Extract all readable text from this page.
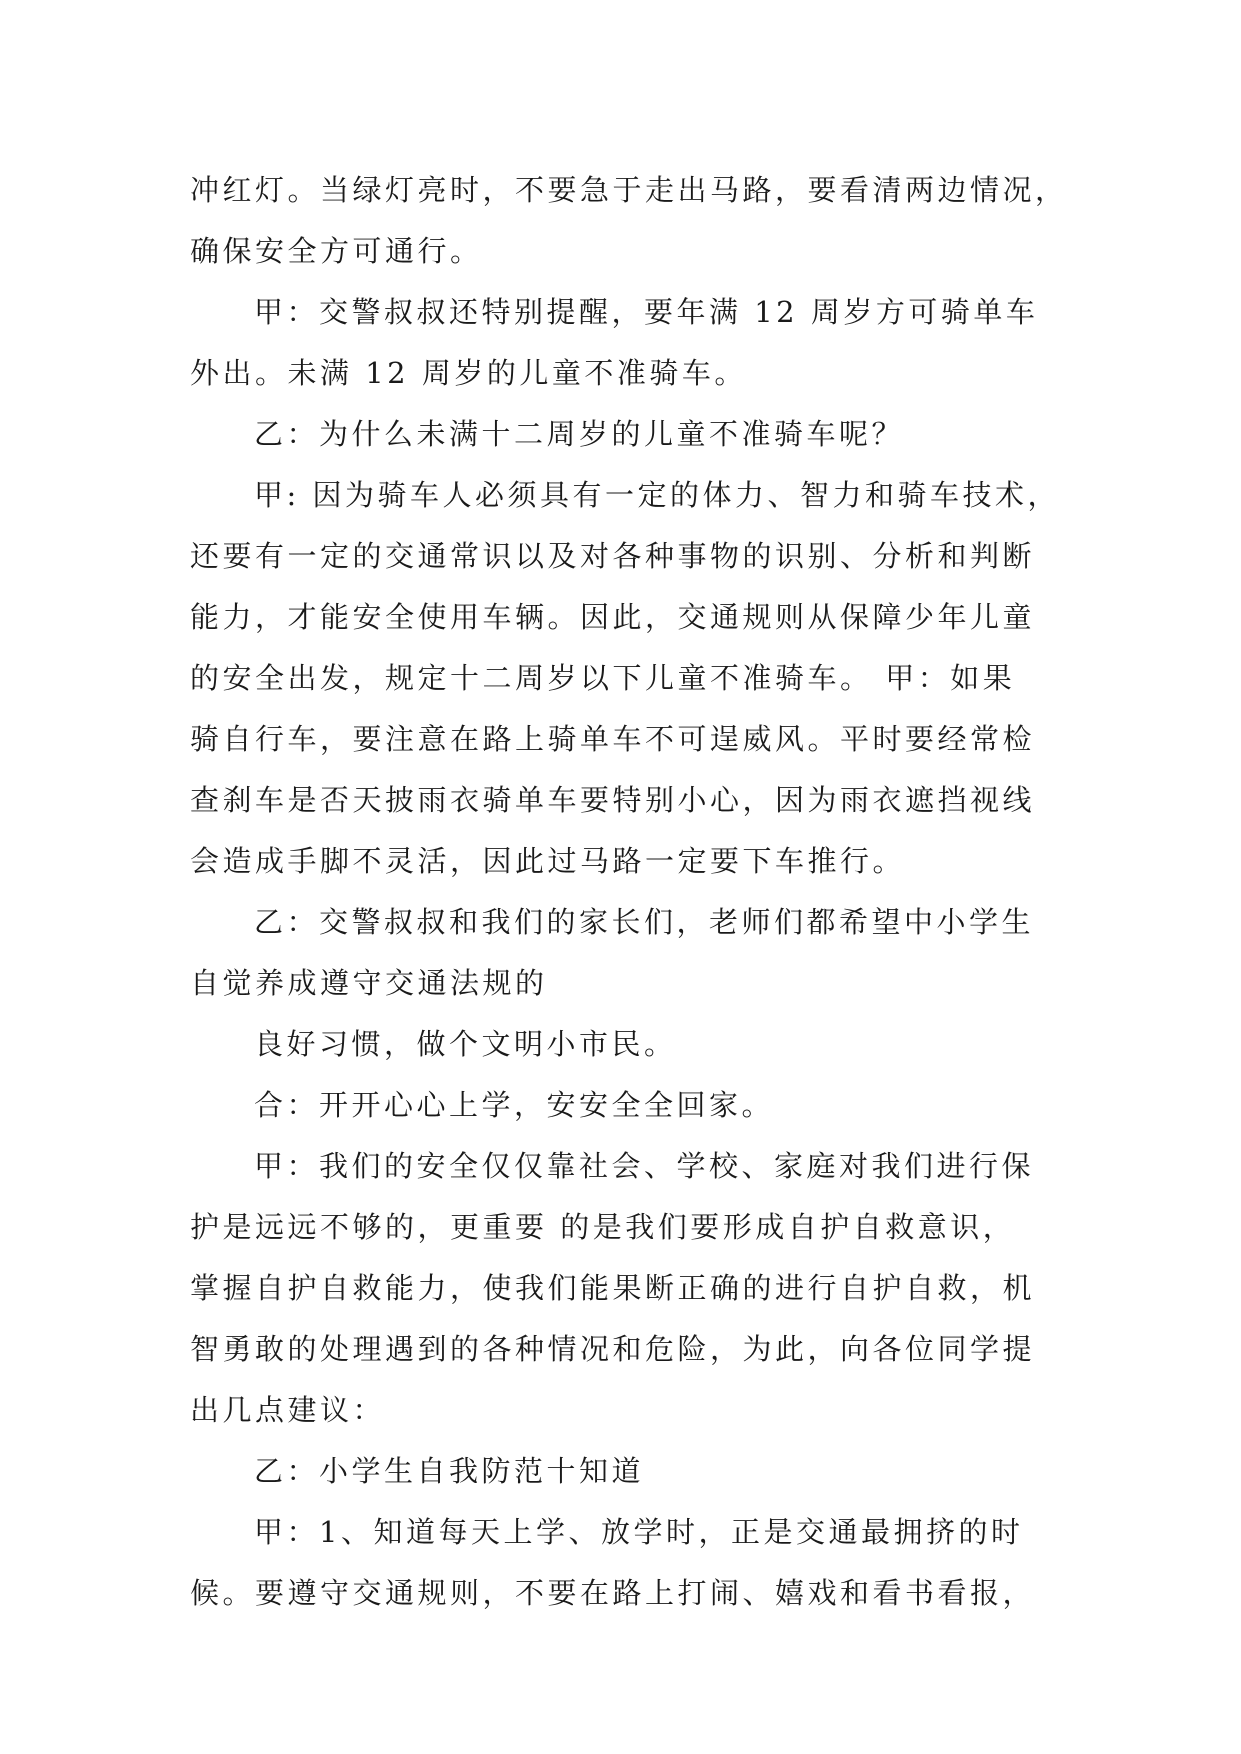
冲红灯。当绿灯亮时，不要急于走出马路，要看清两边情况，
确保安全方可通行。
甲：交警叔叔还特别提醒，要年满 12 周岁方可骑单车
外出。未满 12 周岁的儿童不准骑车。
乙：为什么未满十二周岁的儿童不准骑车呢？
甲: 因为骑车人必须具有一定的体力、智力和骑车技术，
还要有一定的交通常识以及对各种事物的识别、分析和判断
能力，才能安全使用车辆。因此，交通规则从保障少年儿童
的安全出发，规定十二周岁以下儿童不准骑车。 甲：如果
骑自行车，要注意在路上骑单车不可逞威风。平时要经常检
查刹车是否天披雨衣骑单车要特别小心，因为雨衣遮挡视线
会造成手脚不灵活，因此过马路一定要下车推行。
乙：交警叔叔和我们的家长们，老师们都希望中小学生
自觉养成遵守交通法规的
良好习惯，做个文明小市民。
合：开开心心上学，安安全全回家。
甲：我们的安全仅仅靠社会、学校、家庭对我们进行保
护是远远不够的，更重要 的是我们要形成自护自救意识，
掌握自护自救能力，使我们能果断正确的进行自护自救，机
智勇敢的处理遇到的各种情况和危险，为此，向各位同学提
出几点建议：
乙：小学生自我防范十知道
甲：1、知道每天上学、放学时，正是交通最拥挤的时
候。要遵守交通规则，不要在路上打闹、嬉戏和看书看报，
